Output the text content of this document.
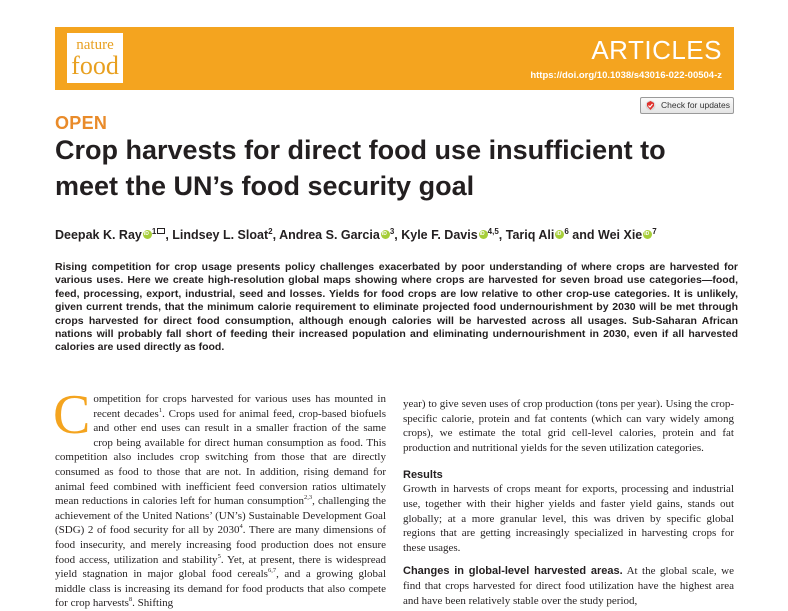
nature
food
ARTICLES
https://doi.org/10.1038/s43016-022-00504-z
Check for updates
OPEN
Crop harvests for direct food use insufficient to
meet the UN’s food security goal
Deepak K. Ray iD $^1$ , Lindsey L. Sloat$^2$, Andrea S. Garcia iD $^3$, Kyle F. Davis iD $^{4,5}$, Tariq Ali iD $^6$ and Wei Xie iD $^7$

Rising competition for crop usage presents policy challenges exacerbated by poor understanding of where crops are harvested for various uses. Here we create high-resolution global maps showing where crops are harvested for seven broad use categories—food, feed, processing, export, industrial, seed and losses. Yields for food crops are low relative to other crop-use categories. It is unlikely, given current trends, that the minimum calorie requirement to eliminate projected food undernourishment by 2030 will be met through crops harvested for direct food consumption, although enough calories will be harvested across all usages. Sub-Saharan African nations will probably fall short of feeding their increased population and eliminating undernourishment in 2030, even if all harvested calories are used directly as food.

Competition for crops harvested for various uses has mounted in recent decades$^1$. Crops used for animal feed, crop-based biofuels and other end uses can result in a smaller fraction of the same crop being available for direct human consumption as food. This competition also includes crop switching from those that are directly consumed as food to those that are not. In addition, rising demand for animal feed combined with inefficient feed conversion ratios ultimately mean reductions in calories left for human consumption$^{2,3}$, challenging the achievement of the United Nations’ (UN’s) Sustainable Development Goal (SDG) 2 of food security for all by 2030$^4$. There are many dimensions of food insecurity, and merely increasing food production does not ensure food access, utilization and stability$^5$. Yet, at present, there is widespread yield stagnation in major global food cereals$^{6,7}$, and a growing global middle class is increasing its demand for food products that also compete for crop harvests$^8$. Shifting

year) to give seven uses of crop production (tons per year). Using the crop-specific calorie, protein and fat contents (which can vary widely among crops), we estimate the total grid cell-level calories, protein and fat production and nutritional yields for the seven utilization categories.

Results

Growth in harvests of crops meant for exports, processing and industrial use, together with their higher yields and faster yield gains, stands out globally; at a more granular level, this was driven by specific global regions that are getting increasingly specialized in harvesting crops for these usages.

Changes in global-level harvested areas. At the global scale, we find that crops harvested for direct food utilization have the highest area and have been relatively stable over the study period,
